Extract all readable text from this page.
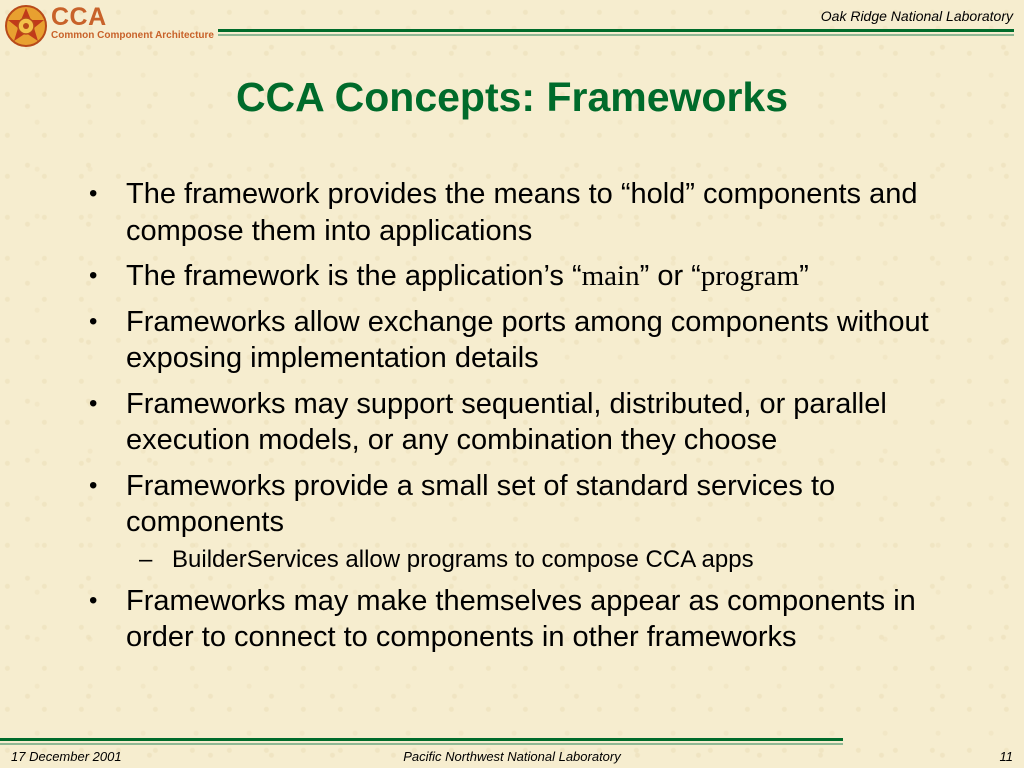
CCA
Common Component Architecture
Oak Ridge National Laboratory
CCA Concepts: Frameworks
• The framework provides the means to “hold” components and compose them into applications
• The framework is the application’s “main” or “program”
• Frameworks allow exchange ports among components without exposing implementation details
• Frameworks may support sequential, distributed, or parallel execution models, or any combination they choose
• Frameworks provide a small set of standard services to components
– BuilderServices allow programs to compose CCA apps
• Frameworks may make themselves appear as components in order to connect to components in other frameworks
17 December 2001	Pacific Northwest National Laboratory	11
